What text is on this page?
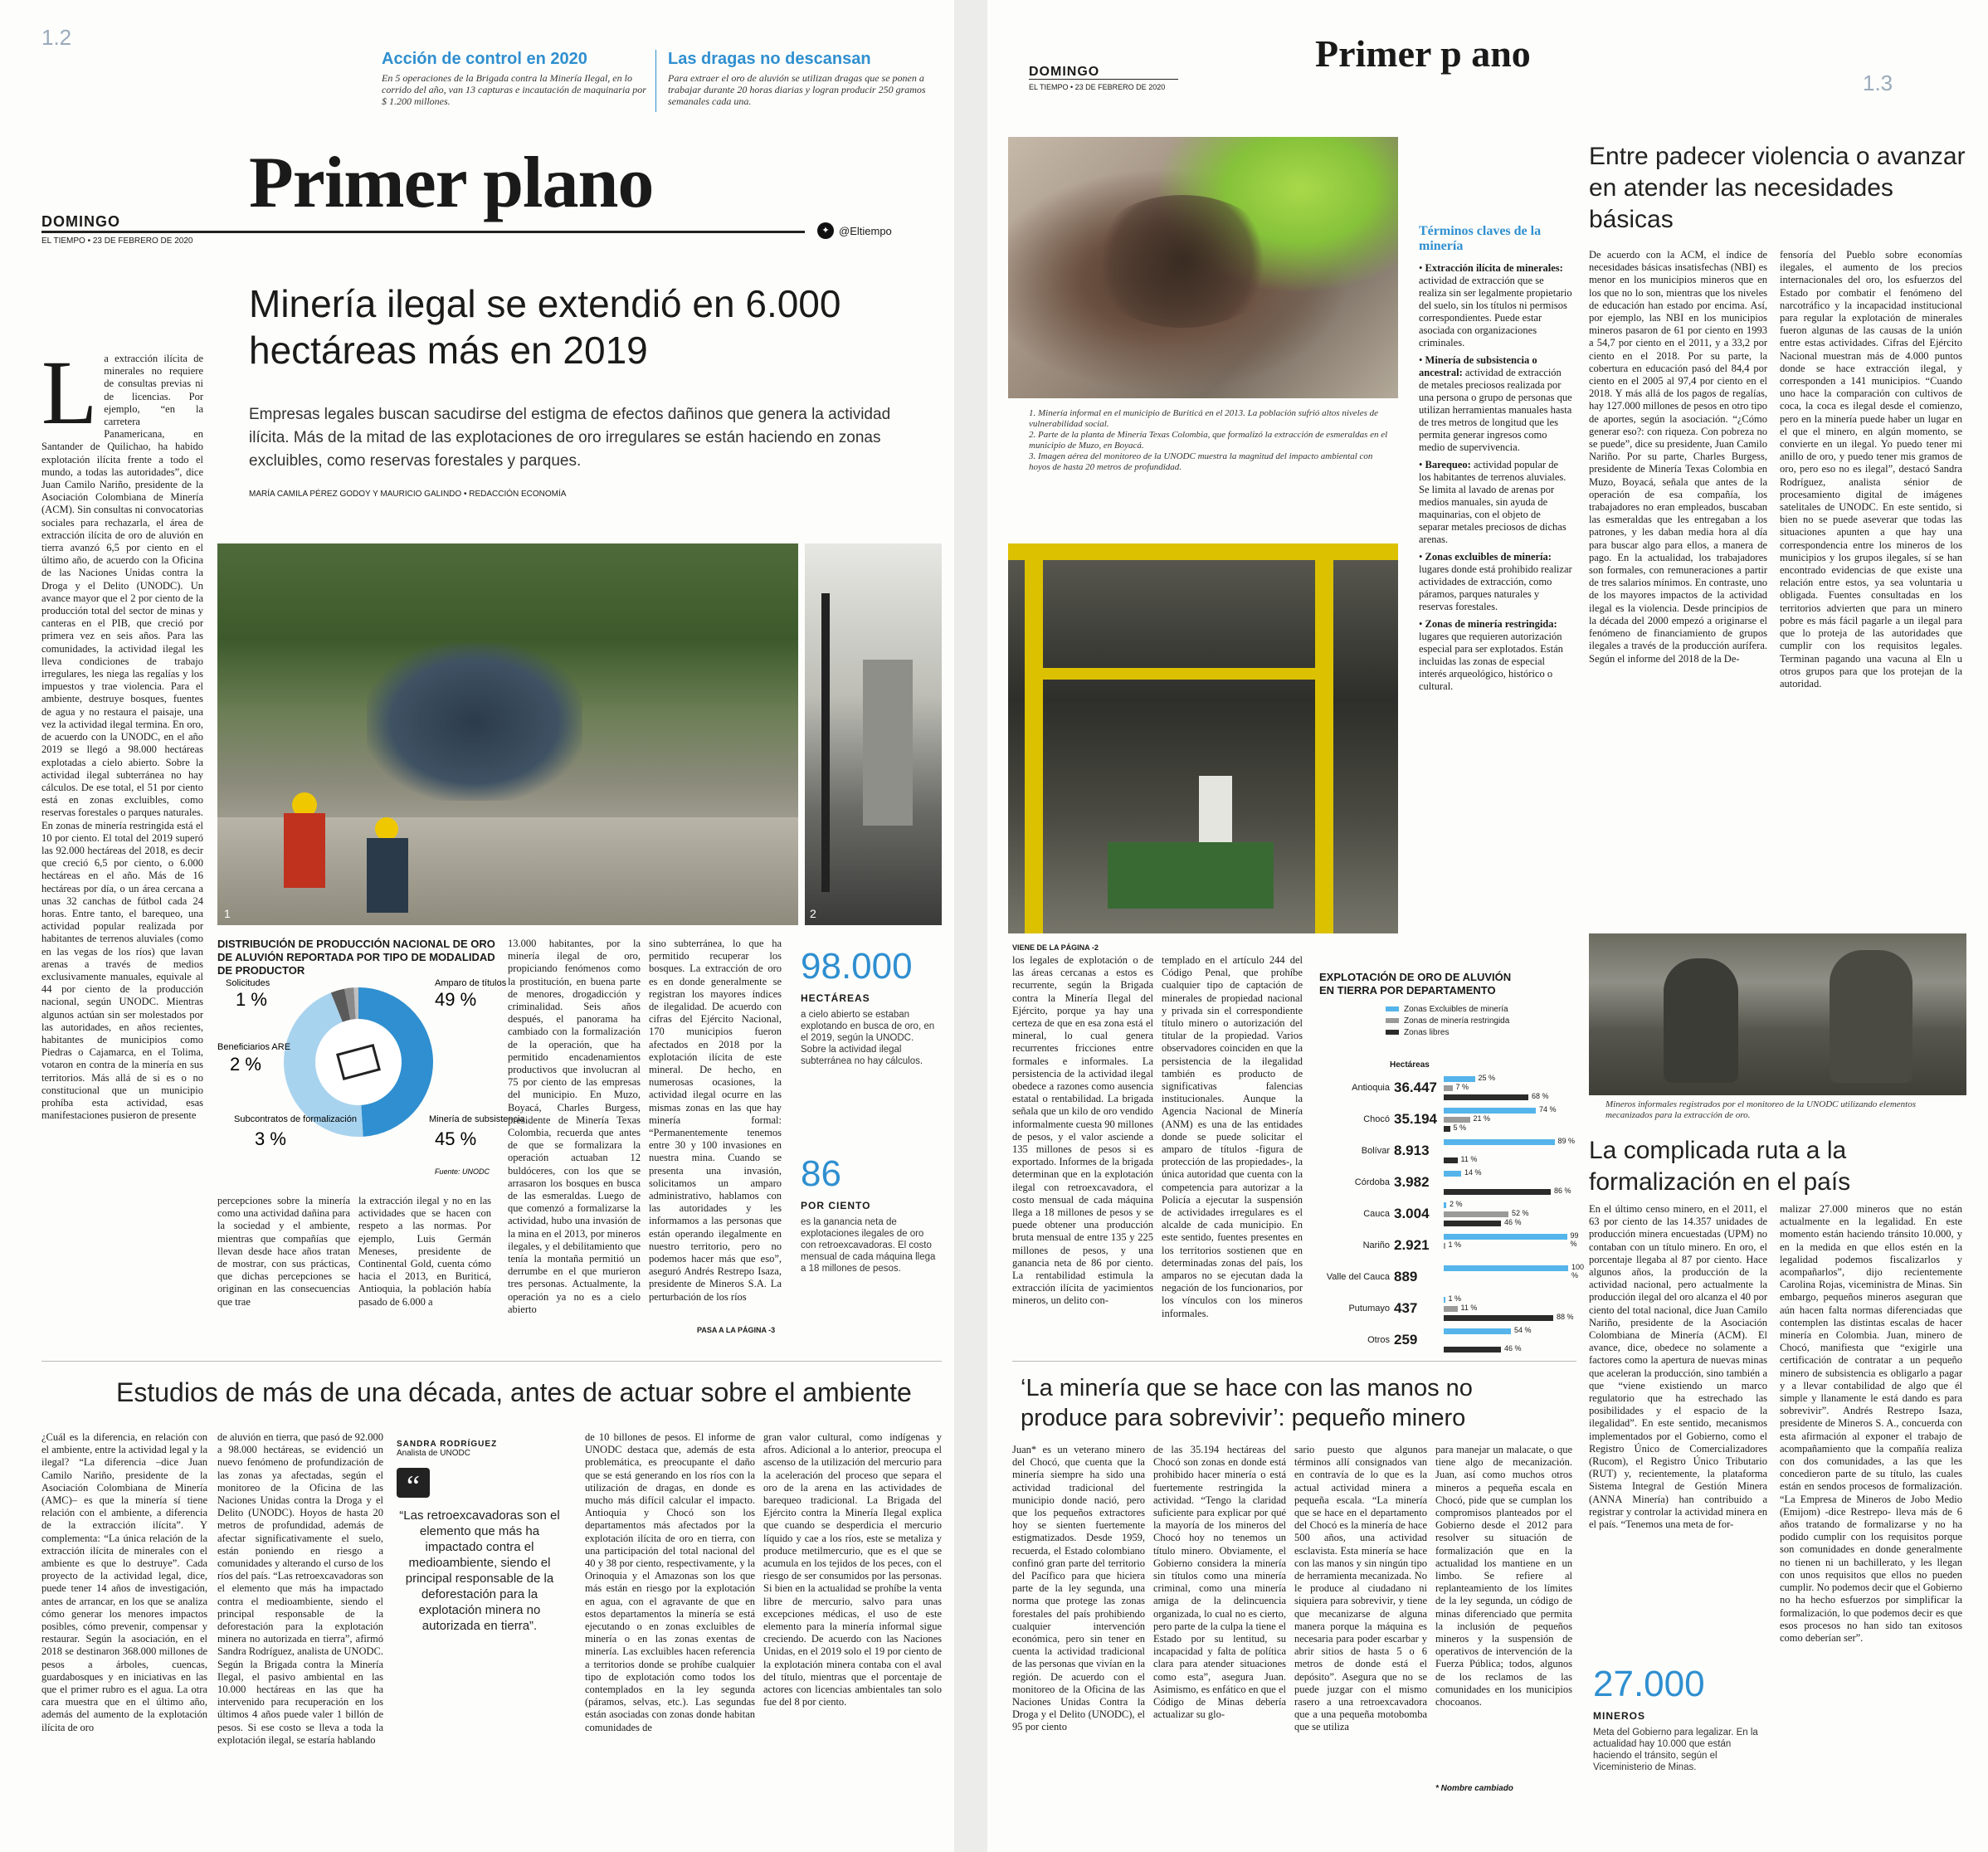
1.2
Acción de control en 2020

En 5 operaciones de la Brigada contra la Minería Ilegal, en lo corrido del año, van 13 capturas e incautación de maquinaria por $ 1.200 millones.

Las dragas no descansan

Para extraer el oro de aluvión se utilizan dragas que se ponen a trabajar durante 20 horas diarias y logran producir 250 gramos semanales cada una.

Primer plano
DOMINGO
EL TIEMPO • 23 DE FEBRERO DE 2020
✦ @Eltiempo
L a extracción ilícita de minerales no requiere de consultas previas ni de licencias. Por ejemplo, “en la carretera Panamericana, en Santander de Quilichao, ha habido explotación ilícita frente a todo el mundo, a todas las autoridades”, dice Juan Camilo Nariño, presidente de la Asociación Colombiana de Minería (ACM). Sin consultas ni convocatorias sociales para rechazarla, el área de extracción ilícita de oro de aluvión en tierra avanzó 6,5 por ciento en el último año, de acuerdo con la Oficina de las Naciones Unidas contra la Droga y el Delito (UNODC). Un avance mayor que el 2 por ciento de la producción total del sector de minas y canteras en el PIB, que creció por primera vez en seis años. Para las comunidades, la actividad ilegal les lleva condiciones de trabajo irregulares, les niega las regalías y los impuestos y trae violencia. Para el ambiente, destruye bosques, fuentes de agua y no restaura el paisaje, una vez la actividad ilegal termina. En oro, de acuerdo con la UNODC, en el año 2019 se llegó a 98.000 hectáreas explotadas a cielo abierto. Sobre la actividad ilegal subterránea no hay cálculos. De ese total, el 51 por ciento está en zonas excluibles, como reservas forestales o parques naturales. En zonas de minería restringida está el 10 por ciento. El total del 2019 superó las 92.000 hectáreas del 2018, es decir que creció 6,5 por ciento, o 6.000 hectáreas en el año. Más de 16 hectáreas por día, o un área cercana a unas 32 canchas de fútbol cada 24 horas. Entre tanto, el barequeo, una actividad popular realizada por habitantes de terrenos aluviales (como en las vegas de los ríos) que lavan arenas a través de medios exclusivamente manuales, equivale al 44 por ciento de la producción nacional, según UNODC. Mientras algunos actúan sin ser molestados por las autoridades, en años recientes, habitantes de municipios como Piedras o Cajamarca, en el Tolima, votaron en contra de la minería en sus territorios. Más allá de si es o no constitucional que un municipio prohíba esta actividad, esas manifestaciones pusieron de presente
Minería ilegal se extendió en 6.000 hectáreas más en 2019
Empresas legales buscan sacudirse del estigma de efectos dañinos que genera la actividad ilícita. Más de la mitad de las explotaciones de oro irregulares se están haciendo en zonas excluibles, como reservas forestales y parques.
MARÍA CAMILA PÉREZ GODOY Y MAURICIO GALINDO • REDACCIÓN ECONOMÍA
1	2
DISTRIBUCIÓN DE PRODUCCIÓN NACIONAL DE ORO DE ALUVIÓN REPORTADA POR TIPO DE MODALIDAD DE PRODUCTOR
Solicitudes
1 %
Beneficiarios ARE
2 %
Subcontratos de formalización
3 %
Amparo de títulos
49 %
Minería de subsistencia
45 %
Fuente: UNODC
percepciones sobre la minería como una actividad dañina para la sociedad y el ambiente, mientras que compañías que llevan desde hace años tratan de mostrar, con sus prácticas, que dichas percepciones se originan en las consecuencias que trae
la extracción ilegal y no en las actividades que se hacen con respeto a las normas. Por ejemplo, Luis Germán Meneses, presidente de Continental Gold, cuenta cómo hacia el 2013, en Buriticá, Antioquia, la población había pasado de 6.000 a
13.000 habitantes, por la minería ilegal de oro, propiciando fenómenos como la prostitución, en buena parte de menores, drogadicción y criminalidad. Seis años después, el panorama ha cambiado con la formalización de la operación, que ha permitido encadenamientos productivos que involucran al 75 por ciento de las empresas del municipio. En Muzo, Boyacá, Charles Burgess, presidente de Minería Texas Colombia, recuerda que antes de que se formalizara la operación actuaban 12 buldóceres, con los que se arrasaron los bosques en busca de las esmeraldas. Luego de que comenzó a formalizarse la actividad, hubo una invasión de la mina en el 2013, por mineros ilegales, y el debilitamiento que tenía la montaña permitió un derrumbe en el que murieron tres personas. Actualmente, la operación ya no es a cielo abierto
sino subterránea, lo que ha permitido recuperar los bosques. La extracción de oro es en donde generalmente se registran los mayores índices de ilegalidad. De acuerdo con cifras del Ejército Nacional, 170 municipios fueron afectados en 2018 por la explotación ilícita de este mineral. De hecho, en numerosas ocasiones, la actividad ilegal ocurre en las mismas zonas en las que hay minería formal: “Permanentemente tenemos entre 30 y 100 invasiones en nuestra mina. Cuando se presenta una invasión, solicitamos un amparo administrativo, hablamos con las autoridades y les informamos a las personas que están operando ilegalmente en nuestro territorio, pero no podemos hacer más que eso”, aseguró Andrés Restrepo Isaza, presidente de Mineros S.A. La perturbación de los ríos
PASA A LA PÁGINA -3
98.000
HECTÁREAS
a cielo abierto se estaban explotando en busca de oro, en el 2019, según la UNODC. Sobre la actividad ilegal subterránea no hay cálculos.
86
POR CIENTO
es la ganancia neta de explotaciones ilegales de oro con retroexcavadoras. El costo mensual de cada máquina llega a 18 millones de pesos.
Estudios de más de una década, antes de actuar sobre el ambiente
¿Cuál es la diferencia, en relación con el ambiente, entre la actividad legal y la ilegal? “La diferencia –dice Juan Camilo Nariño, presidente de la Asociación Colombiana de Minería (AMC)– es que la minería sí tiene relación con el ambiente, a diferencia de la extracción ilícita”. Y complementa: “La única relación de la extracción ilícita de minerales con el ambiente es que lo destruye”. Cada proyecto de la actividad legal, dice, puede tener 14 años de investigación, antes de arrancar, en los que se analiza cómo generar los menores impactos posibles, cómo prevenir, compensar y restaurar. Según la asociación, en el 2018 se destinaron 368.000 millones de pesos a árboles, cuencas, guardabosques y en iniciativas en las que el primer rubro es el agua. La otra cara muestra que en el último año, además del aumento de la explotación ilícita de oro
de aluvión en tierra, que pasó de 92.000 a 98.000 hectáreas, se evidenció un nuevo fenómeno de profundización de las zonas ya afectadas, según el monitoreo de la Oficina de las Naciones Unidas contra la Droga y el Delito (UNODC). Hoyos de hasta 20 metros de profundidad, además de afectar significativamente el suelo, están poniendo en riesgo a comunidades y alterando el curso de los ríos del país. “Las retroexcavadoras son el elemento que más ha impactado contra el medioambiente, siendo el principal responsable de la deforestación para la explotación minera no autorizada en tierra”, afirmó Sandra Rodríguez, analista de UNODC. Según la Brigada contra la Minería Ilegal, el pasivo ambiental en las 10.000 hectáreas en las que ha intervenido para recuperación en los últimos 4 años puede valer 1 billón de pesos. Si ese costo se lleva a toda la explotación ilegal, se estaría hablando
SANDRA RODRÍGUEZ
Analista de UNODC
“
“Las retroexcavadoras son el elemento que más ha impactado contra el medioambiente, siendo el principal responsable de la deforestación para la explotación minera no autorizada en tierra”.
de 10 billones de pesos. El informe de UNODC destaca que, además de esta problemática, es preocupante el daño que se está generando en los ríos con la utilización de dragas, en donde es mucho más difícil calcular el impacto. Antioquia y Chocó son los departamentos más afectados por la explotación ilícita de oro en tierra, con una participación del total nacional del 40 y 38 por ciento, respectivamente, y la Orinoquia y el Amazonas son los que más están en riesgo por la explotación en agua, con el agravante de que en estos departamentos la minería se está ejecutando o en zonas excluibles de minería o en las zonas exentas de minería. Las excluibles hacen referencia a territorios donde se prohíbe cualquier tipo de explotación como todos los contemplados en la ley segunda (páramos, selvas, etc.). Las segundas están asociadas con zonas donde habitan comunidades de
gran valor cultural, como indígenas y afros. Adicional a lo anterior, preocupa el ascenso de la utilización del mercurio para la aceleración del proceso que separa el oro de la arena en las actividades de barequeo tradicional. La Brigada del Ejército contra la Minería Ilegal explica que cuando se desperdicia el mercurio líquido y cae a los ríos, este se metaliza y produce metilmercurio, que es el que se acumula en los tejidos de los peces, con el riesgo de ser consumidos por las personas. Si bien en la actualidad se prohíbe la venta libre de mercurio, salvo para unas excepciones médicas, el uso de este elemento para la minería informal sigue creciendo. De acuerdo con las Naciones Unidas, en el 2019 solo el 19 por ciento de la explotación minera contaba con el aval del título, mientras que el porcentaje de actores con licencias ambientales tan solo fue del 8 por ciento.
DOMINGO
EL TIEMPO • 23 DE FEBRERO DE 2020
Primer p ano
1.3
1. Minería informal en el municipio de Buriticá en el 2013. La población sufrió altos niveles de vulnerabilidad social.
2. Parte de la planta de Minería Texas Colombia, que formalizó la extracción de esmeraldas en el municipio de Muzo, en Boyacá.
3. Imagen aérea del monitoreo de la UNODC muestra la magnitud del impacto ambiental con hoyos de hasta 20 metros de profundidad.
Términos claves de la minería
• Extracción ilícita de minerales: actividad de extracción que se realiza sin ser legalmente propietario del suelo, sin los títulos ni permisos correspondientes. Puede estar asociada con organizaciones criminales.
• Minería de subsistencia o ancestral: actividad de extracción de metales preciosos realizada por una persona o grupo de personas que utilizan herramientas manuales hasta de tres metros de longitud que les permita generar ingresos como medio de supervivencia.
• Barequeo: actividad popular de los habitantes de terrenos aluviales. Se limita al lavado de arenas por medios manuales, sin ayuda de maquinarias, con el objeto de separar metales preciosos de dichas arenas.
• Zonas excluibles de minería: lugares donde está prohibido realizar actividades de extracción, como páramos, parques naturales y reservas forestales.
• Zonas de minería restringida: lugares que requieren autorización especial para ser explotados. Están incluidas las zonas de especial interés arqueológico, histórico o cultural.
Entre padecer violencia o avanzar en atender las necesidades básicas
De acuerdo con la ACM, el índice de necesidades básicas insatisfechas (NBI) es menor en los municipios mineros que en los que no lo son, mientras que los niveles de educación han estado por encima. Así, por ejemplo, las NBI en los municipios mineros pasaron de 61 por ciento en 1993 a 54,7 por ciento en el 2011, y a 33,2 por ciento en el 2018. Por su parte, la cobertura en educación pasó del 84,4 por ciento en el 2005 al 97,4 por ciento en el 2018. Y más allá de los pagos de regalías, hay 127.000 millones de pesos en otro tipo de aportes, según la asociación. “¿Cómo generar eso?: con riqueza. Con pobreza no se puede”, dice su presidente, Juan Camilo Nariño. Por su parte, Charles Burgess, presidente de Minería Texas Colombia en Muzo, Boyacá, señala que antes de la operación de esa compañía, los trabajadores no eran empleados, buscaban las esmeraldas que les entregaban a los patrones, y les daban media hora al día para buscar algo para ellos, a manera de pago. En la actualidad, los trabajadores son formales, con remuneraciones a partir de tres salarios mínimos. En contraste, uno de los mayores impactos de la actividad ilegal es la violencia. Desde principios de la década del 2000 empezó a originarse el fenómeno de financiamiento de grupos ilegales a través de la producción aurífera. Según el informe del 2018 de la De-
fensoría del Pueblo sobre economías ilegales, el aumento de los precios internacionales del oro, los esfuerzos del Estado por combatir el fenómeno del narcotráfico y la incapacidad institucional para regular la explotación de minerales fueron algunas de las causas de la unión entre estas actividades. Cifras del Ejército Nacional muestran más de 4.000 puntos donde se hace extracción ilegal, y corresponden a 141 municipios. “Cuando uno hace la comparación con cultivos de coca, la coca es ilegal desde el comienzo, pero en la minería puede haber un lugar en el que el minero, en algún momento, se convierte en un ilegal. Yo puedo tener mi anillo de oro, y puedo tener mis gramos de oro, pero eso no es ilegal”, destacó Sandra Rodríguez, analista sénior de procesamiento digital de imágenes satelitales de UNODC. En este sentido, si bien no se puede aseverar que todas las situaciones apunten a que hay una correspondencia entre los mineros de los municipios y los grupos ilegales, sí se han encontrado evidencias de que existe una relación entre estos, ya sea voluntaria u obligada. Fuentes consultadas en los territorios advierten que para un minero pobre es más fácil pagarle a un ilegal para que lo proteja de las autoridades que cumplir con los requisitos legales. Terminan pagando una vacuna al Eln u otros grupos para que los protejan de la autoridad.
Mineros informales registrados por el monitoreo de la UNODC utilizando elementos mecanizados para la extracción de oro.
VIENE DE LA PÁGINA -2
los legales de explotación o de las áreas cercanas a estos es recurrente, según la Brigada contra la Minería Ilegal del Ejército, porque ya hay una certeza de que en esa zona está el mineral, lo cual genera recurrentes fricciones entre formales e informales. La persistencia de la actividad ilegal obedece a razones como ausencia estatal o rentabilidad. La brigada señala que un kilo de oro vendido informalmente cuesta 90 millones de pesos, y el valor asciende a 135 millones de pesos si es exportado. Informes de la brigada determinan que en la explotación ilegal con retroexcavadora, el costo mensual de cada máquina llega a 18 millones de pesos y se puede obtener una producción bruta mensual de entre 135 y 225 millones de pesos, y una ganancia neta de 86 por ciento. La rentabilidad estimula la extracción ilícita de yacimientos mineros, un delito con-
templado en el artículo 244 del Código Penal, que prohíbe cualquier tipo de captación de minerales de propiedad nacional y privada sin el correspondiente título minero o autorización del titular de la propiedad. Varios observadores coinciden en que la persistencia de la ilegalidad también es producto de significativas falencias institucionales. Aunque la Agencia Nacional de Minería (ANM) es una de las entidades donde se puede solicitar el amparo de títulos -figura de protección de las propiedades-, la única autoridad que cuenta con la competencia para autorizar a la Policía a ejecutar la suspensión de actividades irregulares es el alcalde de cada municipio. En este sentido, fuentes presentes en los territorios sostienen que en determinadas zonas del país, los amparos no se ejecutan dada la negación de los funcionarios, por los vínculos con los mineros informales.
EXPLOTACIÓN DE ORO DE ALUVIÓN EN TIERRA POR DEPARTAMENTO
Zonas Excluibles de minería
Zonas de minería restringida
Zonas libres
Hectáreas
Antioquia 36.447
25 %
7 %
68 %
Chocó 35.194
74 %
21 %
5 %
Bolívar 8.913
89 %
11 %
Córdoba 3.982
14 %
86 %
Cauca 3.004
2 %
52 %
46 %
Nariño 2.921
99 %
1 %
Valle del Cauca 889
100 %
Putumayo 437
1 %
11 %
88 %
Otros 259
54 %
46 %
La complicada ruta a la formalización en el país
En el último censo minero, en el 2011, el 63 por ciento de las 14.357 unidades de producción minera encuestadas (UPM) no contaban con un título minero. En oro, el porcentaje llegaba al 87 por ciento. Hace algunos años, la producción de la actividad nacional, pero actualmente la producción ilegal del oro alcanza el 40 por ciento del total nacional, dice Juan Camilo Nariño, presidente de la Asociación Colombiana de Minería (ACM). El avance, dice, obedece no solamente a factores como la apertura de nuevas minas que aceleran la producción, sino también a que “viene existiendo un marco regulatorio que ha estrechado las posibilidades y el espacio de la ilegalidad”. En este sentido, mecanismos implementados por el Gobierno, como el Registro Único de Comercializadores (Rucom), el Registro Único Tributario (RUT) y, recientemente, la plataforma Sistema Integral de Gestión Minera (ANNA Minería) han contribuido a registrar y controlar la actividad minera en el país. “Tenemos una meta de for-
malizar 27.000 mineros que no están actualmente en la legalidad. En este momento están haciendo tránsito 10.000, y en la medida en que ellos estén en la legalidad podemos fiscalizarlos y acompañarlos”, dijo recientemente Carolina Rojas, viceministra de Minas. Sin embargo, pequeños mineros aseguran que aún hacen falta normas diferenciadas que contemplen las distintas escalas de hacer minería en Colombia. Juan, minero de Chocó, manifiesta que “exigirle una certificación de contratar a un pequeño minero de subsistencia es obligarlo a pagar y a llevar contabilidad de algo que él simple y llanamente le está dando es para sobrevivir”. Andrés Restrepo Isaza, presidente de Mineros S. A., concuerda con esta afirmación al exponer el trabajo de acompañamiento que la compañía realiza con dos comunidades, a las que les concedieron parte de su título, las cuales están en sendos procesos de formalización. “La Empresa de Mineros de Jobo Medio (Emijom) -dice Restrepo- lleva más de 6 años tratando de formalizarse y no ha podido cumplir con los requisitos porque son comunidades en donde generalmente no tienen ni un bachillerato, y les llegan con unos requisitos que ellos no pueden cumplir. No podemos decir que el Gobierno no ha hecho esfuerzos por simplificar la formalización, lo que podemos decir es que esos procesos no han sido tan exitosos como deberían ser”.
27.000
MINEROS
Meta del Gobierno para legalizar. En la actualidad hay 10.000 que están haciendo el tránsito, según el Viceministerio de Minas.
‘La minería que se hace con las manos no produce para sobrevivir’: pequeño minero
Juan* es un veterano minero del Chocó, que cuenta que la minería siempre ha sido una actividad tradicional del municipio donde nació, pero que los pequeños extractores hoy se sienten fuertemente estigmatizados. Desde 1959, recuerda, el Estado colombiano confinó gran parte del territorio del Pacífico para que hiciera parte de la ley segunda, una norma que protege las zonas forestales del país prohibiendo cualquier intervención económica, pero sin tener en cuenta la actividad tradicional de las personas que vivían en la región. De acuerdo con el monitoreo de la Oficina de las Naciones Unidas Contra la Droga y el Delito (UNODC), el 95 por ciento
de las 35.194 hectáreas del Chocó son zonas en donde está prohibido hacer minería o está fuertemente restringida la actividad. “Tengo la claridad suficiente para explicar por qué la mayoría de los mineros del Chocó hoy no tenemos un título minero. Obviamente, el Gobierno considera la minería sin títulos como una minería criminal, como una minería amiga de la delincuencia organizada, lo cual no es cierto, pero parte de la culpa la tiene el Estado por su lentitud, su incapacidad y falta de política clara para atender situaciones como esta”, asegura Juan. Asimismo, es enfático en que el Código de Minas debería actualizar su glo-
sario puesto que algunos términos allí consignados van en contravía de lo que es la actual actividad minera a pequeña escala. “La minería que se hace en el departamento del Chocó es la minería de hace 500 años, una actividad esclavista. Esta minería se hace con las manos y sin ningún tipo de herramienta mecanizada. No le produce al ciudadano ni siquiera para sobrevivir, y tiene que mecanizarse de alguna manera porque la máquina es necesaria para poder escarbar y abrir sitios de hasta 5 o 6 metros de donde está el depósito”. Asegura que no se puede juzgar con el mismo rasero a una retroexcavadora que a una pequeña motobomba que se utiliza
para manejar un malacate, o que tiene algo de mecanización. Juan, así como muchos otros mineros a pequeña escala en Chocó, pide que se cumplan los compromisos planteados por el Gobierno desde el 2012 para resolver su situación de formalización que en la actualidad los mantiene en un limbo. Se refiere al replanteamiento de los límites de la ley segunda, un código de minas diferenciado que permita la inclusión de pequeños mineros y la suspensión de operativos de intervención de la Fuerza Pública; todos, algunos de los reclamos de las comunidades en los municipios chocoanos.
* Nombre cambiado
